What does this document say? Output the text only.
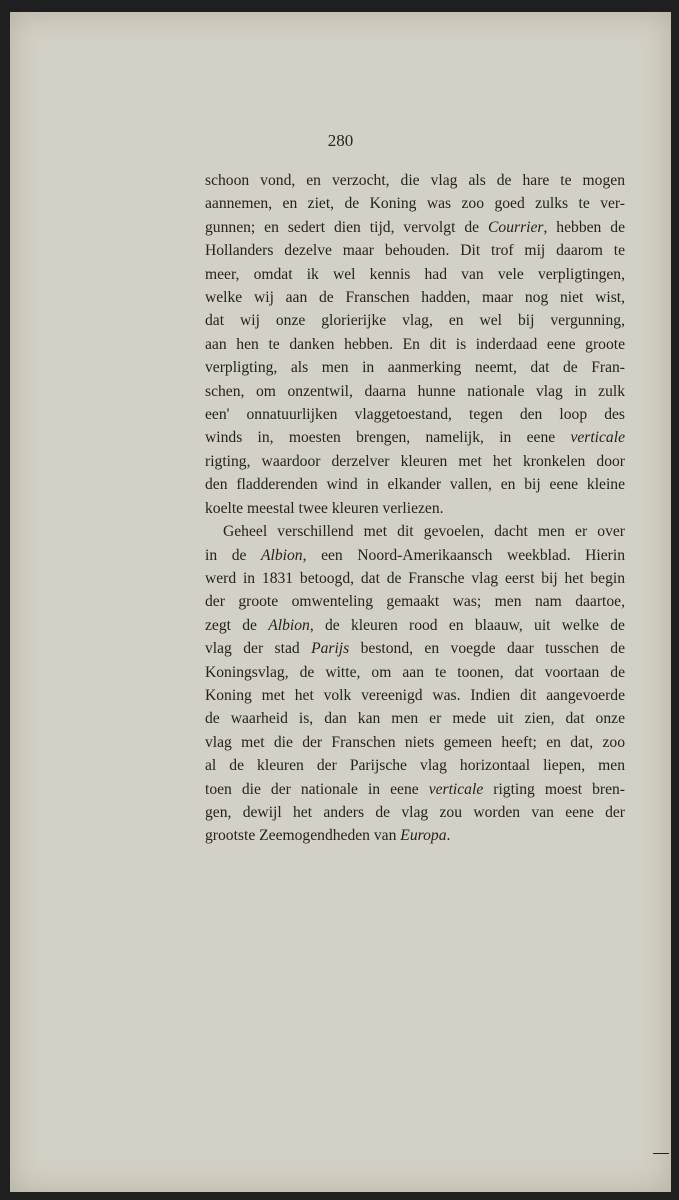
280
schoon vond, en verzocht, die vlag als de hare te mogen
aannemen, en ziet, de Koning was zoo goed zulks te ver-
gunnen; en sedert dien tijd, vervolgt de Courrier, hebben de
Hollanders dezelve maar behouden. Dit trof mij daarom te
meer, omdat ik wel kennis had van vele verpligtingen,
welke wij aan de Franschen hadden, maar nog niet wist,
dat wij onze glorierijke vlag, en wel bij vergunning,
aan hen te danken hebben. En dit is inderdaad eene groote
verpligting, als men in aanmerking neemt, dat de Fran-
schen, om onzentwil, daarna hunne nationale vlag in zulk
een' onnatuurlijken vlaggetoestand, tegen den loop des
winds in, moesten brengen, namelijk, in eene verticale
rigting, waardoor derzelver kleuren met het kronkelen door
den fladderenden wind in elkander vallen, en bij eene kleine
koelte meestal twee kleuren verliezen.
Geheel verschillend met dit gevoelen, dacht men er over
in de Albion, een Noord-Amerikaansch weekblad. Hierin
werd in 1831 betoogd, dat de Fransche vlag eerst bij het begin
der groote omwenteling gemaakt was; men nam daartoe,
zegt de Albion, de kleuren rood en blaauw, uit welke de
vlag der stad Parijs bestond, en voegde daar tusschen de
Koningsvlag, de witte, om aan te toonen, dat voortaan de
Koning met het volk vereenigd was. Indien dit aangevoerde
de waarheid is, dan kan men er mede uit zien, dat onze
vlag met die der Franschen niets gemeen heeft; en dat, zoo
al de kleuren der Parijsche vlag horizontaal liepen, men
toen die der nationale in eene verticale rigting moest bren-
gen, dewijl het anders de vlag zou worden van eene der
grootste Zeemogendheden van Europa.
